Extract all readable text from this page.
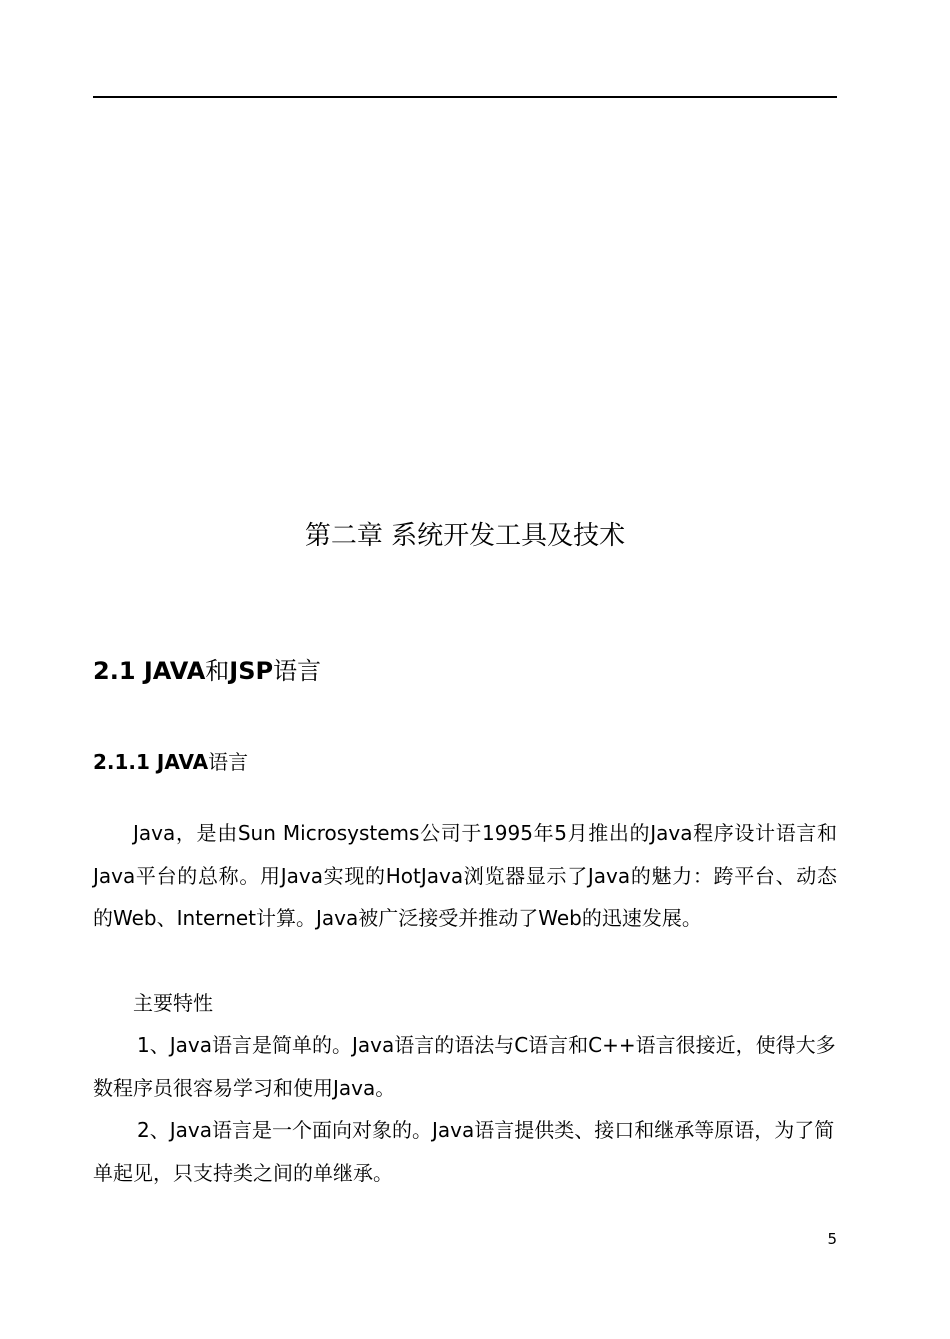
第二章 系统开发工具及技术
2.1 JAVA和JSP语言
2.1.1 JAVA语言

Java，是由Sun Microsystems公司于1995年5月推出的Java程序设计语言和Java平台的总称。用Java实现的HotJava浏览器显示了Java的魅力：跨平台、动态的Web、Internet计算。Java被广泛接受并推动了Web的迅速发展。

主要特性

1、Java语言是简单的。Java语言的语法与C语言和C++语言很接近，使得大多数程序员很容易学习和使用Java。

2、Java语言是一个面向对象的。Java语言提供类、接口和继承等原语，为了简单起见，只支持类之间的单继承。

5
